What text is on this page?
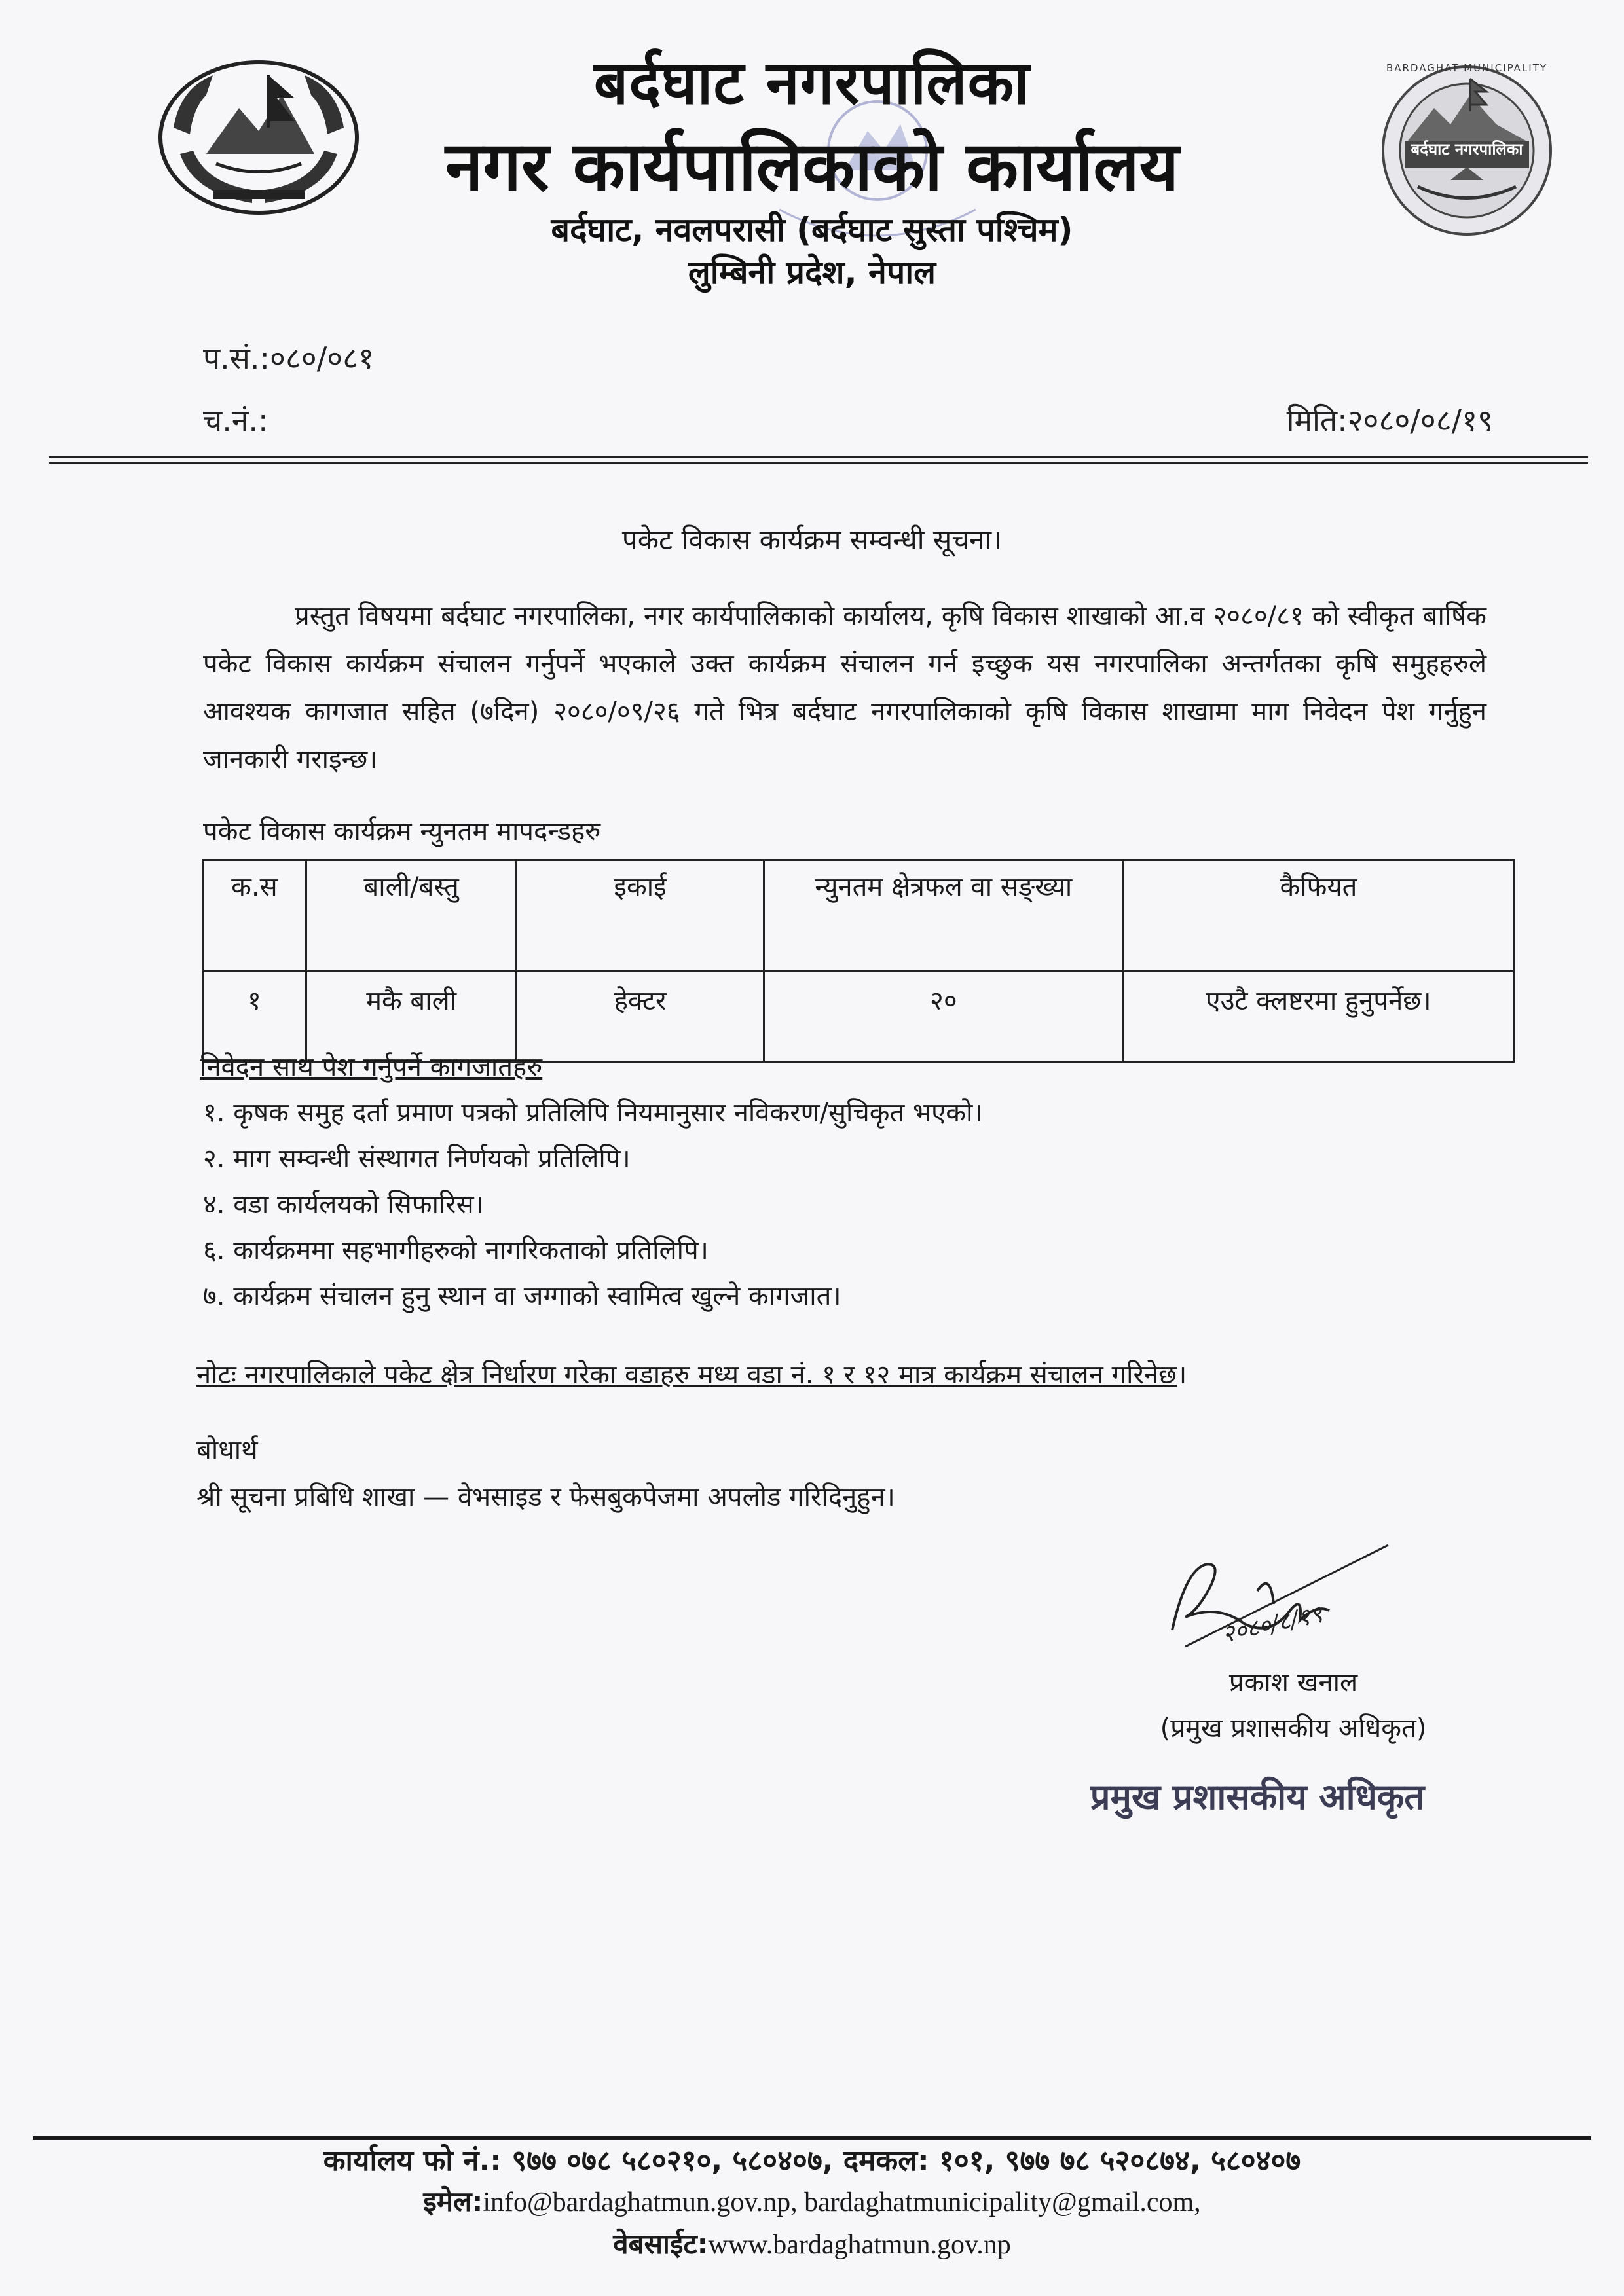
बर्दघाट नगरपालिका
BARDAGHAT MUNICIPALITY
बर्दघाट नगरपालिका
नगर कार्यपालिकाको कार्यालय
बर्दघाट, नवलपरासी (बर्दघाट सुस्ता पश्चिम)
लुम्बिनी प्रदेश, नेपाल
प.सं.:०८०/०८१
च.नं.:	मिति:२०८०/०८/१९
पकेट विकास कार्यक्रम सम्वन्धी सूचना।
प्रस्तुत विषयमा बर्दघाट नगरपालिका, नगर कार्यपालिकाको कार्यालय, कृषि विकास शाखाको आ.व २०८०/८१ को स्वीकृत बार्षिक पकेट विकास कार्यक्रम संचालन गर्नुपर्ने भएकाले उक्त कार्यक्रम संचालन गर्न इच्छुक यस नगरपालिका अन्तर्गतका कृषि समुहहरुले आवश्यक कागजात सहित (७दिन) २०८०/०९/२६ गते भित्र बर्दघाट नगरपालिकाको कृषि विकास शाखामा माग निवेदन पेश गर्नुहुन जानकारी गराइन्छ।
पकेट विकास कार्यक्रम न्युनतम मापदन्डहरु
क.स	बाली/बस्तु	इकाई	न्युनतम क्षेत्रफल वा सङ्ख्या	कैफियत
१	मकै बाली	हेक्टर	२०	एउटै क्लष्टरमा हुनुपर्नेछ।
निवेदन साथ पेश गर्नुपर्ने कागजातहरु
१. कृषक समुह दर्ता प्रमाण पत्रको प्रतिलिपि नियमानुसार नविकरण/सुचिकृत भएको।
२. माग सम्वन्धी संस्थागत निर्णयको प्रतिलिपि।
४. वडा कार्यलयको सिफारिस।
६. कार्यक्रममा सहभागीहरुको नागरिकताको प्रतिलिपि।
७. कार्यक्रम संचालन हुनु स्थान वा जग्गाको स्वामित्व खुल्ने कागजात।
नोटः नगरपालिकाले पकेट क्षेत्र निर्धारण गरेका वडाहरु मध्य वडा नं. १ र १२ मात्र कार्यक्रम संचालन गरिनेछ।
बोधार्थ
श्री सूचना प्रबिधि शाखा — वेभसाइड र फेसबुकपेजमा अपलोड गरिदिनुहुन।
२०८०/८/१९
प्रकाश खनाल
(प्रमुख प्रशासकीय अधिकृत)
प्रमुख प्रशासकीय अधिकृत
कार्यालय फो नं.: ९७७ ०७८ ५८०२१०, ५८०४०७, दमकल: १०१, ९७७ ७८ ५२०८७४, ५८०४०७
इमेल:info@bardaghatmun.gov.np, bardaghatmunicipality@gmail.com,
वेबसाईट:www.bardaghatmun.gov.np
